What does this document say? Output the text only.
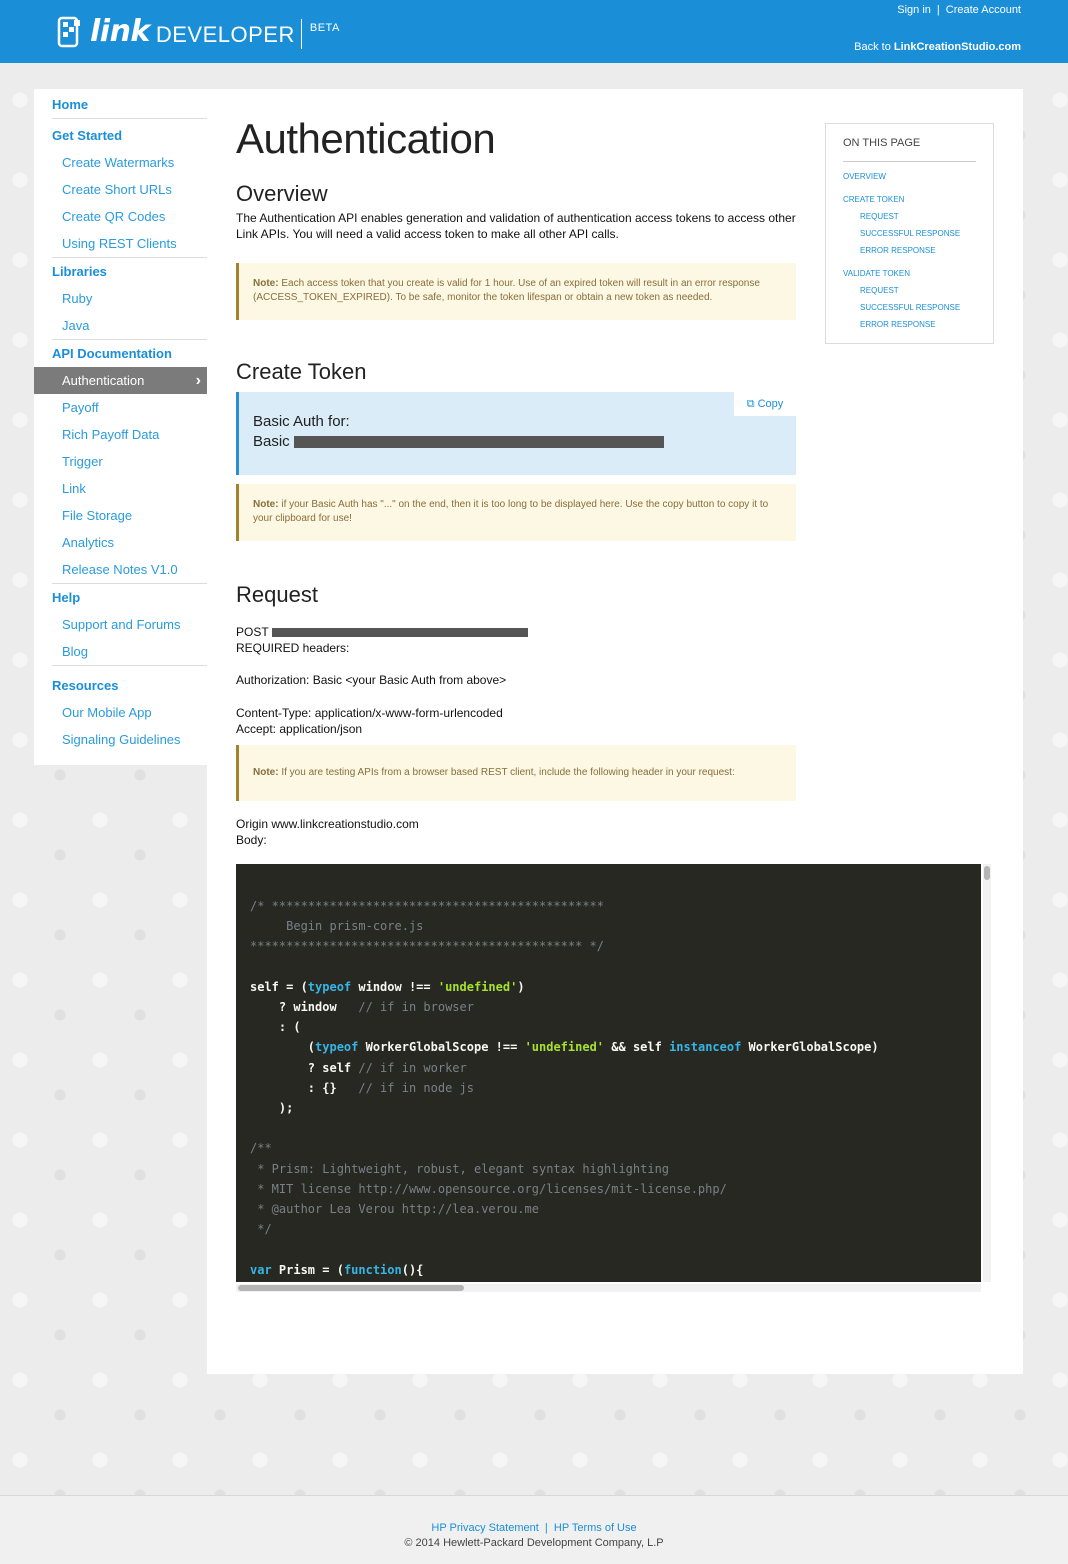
link DEVELOPER BETA
Sign in | Create Account
Back to LinkCreationStudio.com
Home
Get Started
Create Watermarks
Create Short URLs
Create QR Codes
Using REST Clients
Libraries
Ruby
Java
API Documentation
Authentication	›
Payoff
Rich Payoff Data
Trigger
Link
File Storage
Analytics
Release Notes V1.0
Help
Support and Forums
Blog
Resources
Our Mobile App
Signaling Guidelines
Authentication
Overview

The Authentication API enables generation and validation of authentication access tokens to access other Link APIs. You will need a valid access token to make all other API calls.

Note: Each access token that you create is valid for 1 hour. Use of an expired token will result in an error response (ACCESS_TOKEN_EXPIRED). To be safe, monitor the token lifespan or obtain a new token as needed.
Create Token
⧉ Copy
Basic Auth for:
Basic
Note: if your Basic Auth has "..." on the end, then it is too long to be displayed here. Use the copy button to copy it to your clipboard for use!
Request
POST
REQUIRED headers:
Authorization: Basic <your Basic Auth from above>
Content-Type: application/x-www-form-urlencoded
Accept: application/json
Note: If you are testing APIs from a browser based REST client, include the following header in your request:
Origin www.linkcreationstudio.com
Body:
/* **********************************************
Begin prism-core.js
********************************************** */

self = (typeof window !== 'undefined')
? window   // if in browser
: (
(typeof WorkerGlobalScope !== 'undefined' && self instanceof WorkerGlobalScope)
? self // if in worker
: {}   // if in node js
);

/**
* Prism: Lightweight, robust, elegant syntax highlighting
* MIT license http://www.opensource.org/licenses/mit-license.php/
* @author Lea Verou http://lea.verou.me
*/

var Prism = (function(){
ON THIS PAGE
OVERVIEW
CREATE TOKEN
REQUEST
SUCCESSFUL RESPONSE
ERROR RESPONSE
VALIDATE TOKEN
REQUEST
SUCCESSFUL RESPONSE
ERROR RESPONSE
HP Privacy Statement | HP Terms of Use
© 2014 Hewlett-Packard Development Company, L.P
